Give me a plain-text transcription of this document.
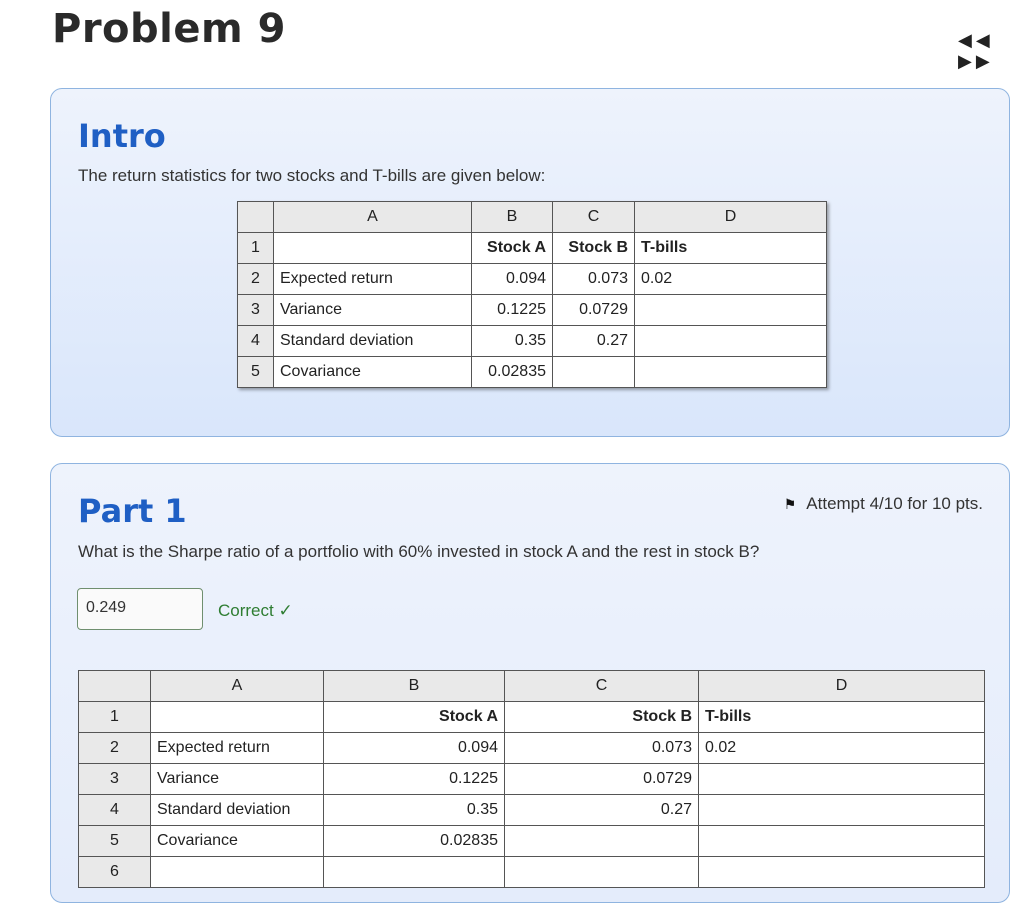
Problem 9	◀◀ ▶▶
Intro
The return statistics for two stocks and T-bills are given below:
	A	B	C	D
1		Stock A	Stock B	T-bills
2	Expected return	0.094	0.073	0.02
3	Variance	0.1225	0.0729	
4	Standard deviation	0.35	0.27	
5	Covariance	0.02835		
Part 1	⚑ Attempt 4/10 for 10 pts.
What is the Sharpe ratio of a portfolio with 60% invested in stock A and the rest in stock B?
0.249	Correct ✓
	A	B	C	D
1		Stock A	Stock B	T-bills
2	Expected return	0.094	0.073	0.02
3	Variance	0.1225	0.0729	
4	Standard deviation	0.35	0.27	
5	Covariance	0.02835		
6				
